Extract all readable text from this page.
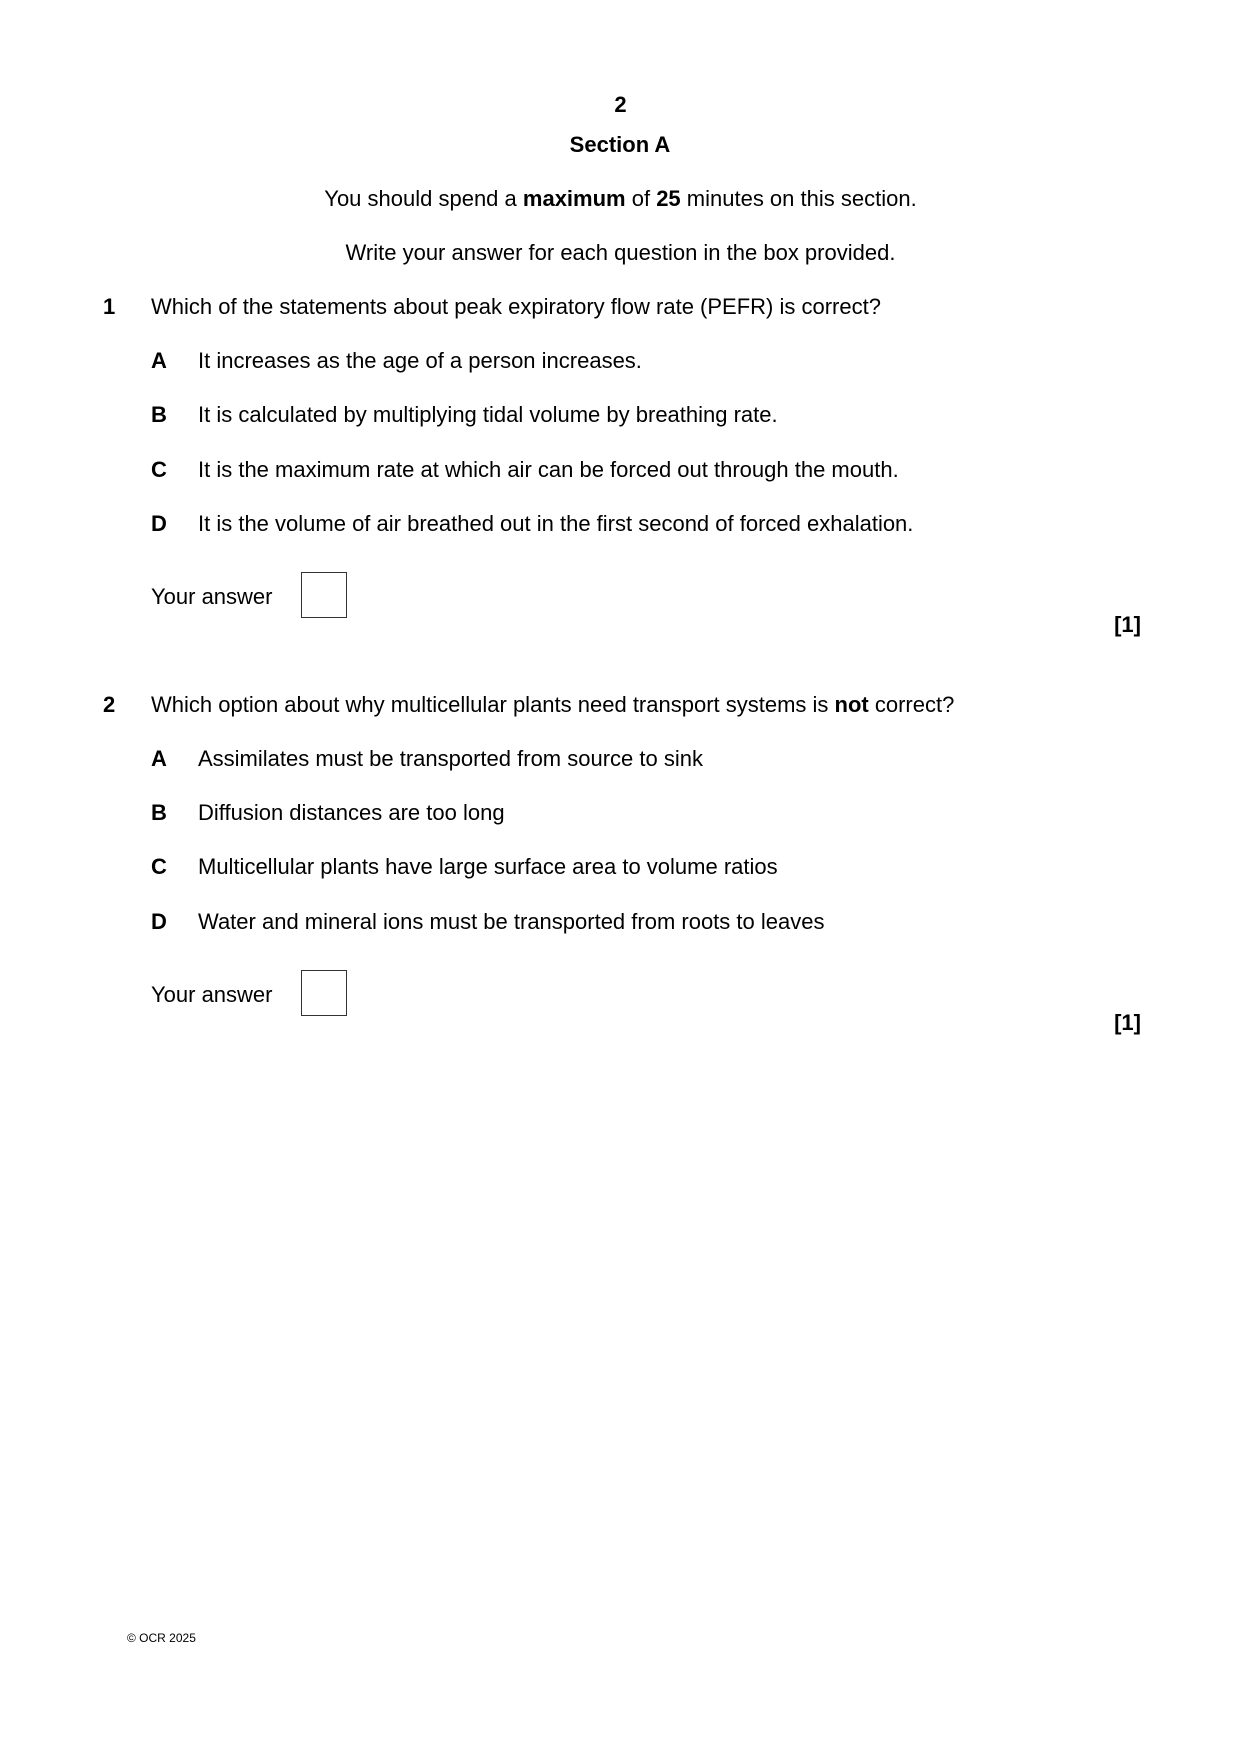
2
Section A
You should spend a maximum of 25 minutes on this section.
Write your answer for each question in the box provided.
1 Which of the statements about peak expiratory flow rate (PEFR) is correct?
A It increases as the age of a person increases.
B It is calculated by multiplying tidal volume by breathing rate.
C It is the maximum rate at which air can be forced out through the mouth.
D It is the volume of air breathed out in the first second of forced exhalation.
Your answer
[1]
2 Which option about why multicellular plants need transport systems is not correct?
A Assimilates must be transported from source to sink
B Diffusion distances are too long
C Multicellular plants have large surface area to volume ratios
D Water and mineral ions must be transported from roots to leaves
Your answer
[1]
© OCR 2025
